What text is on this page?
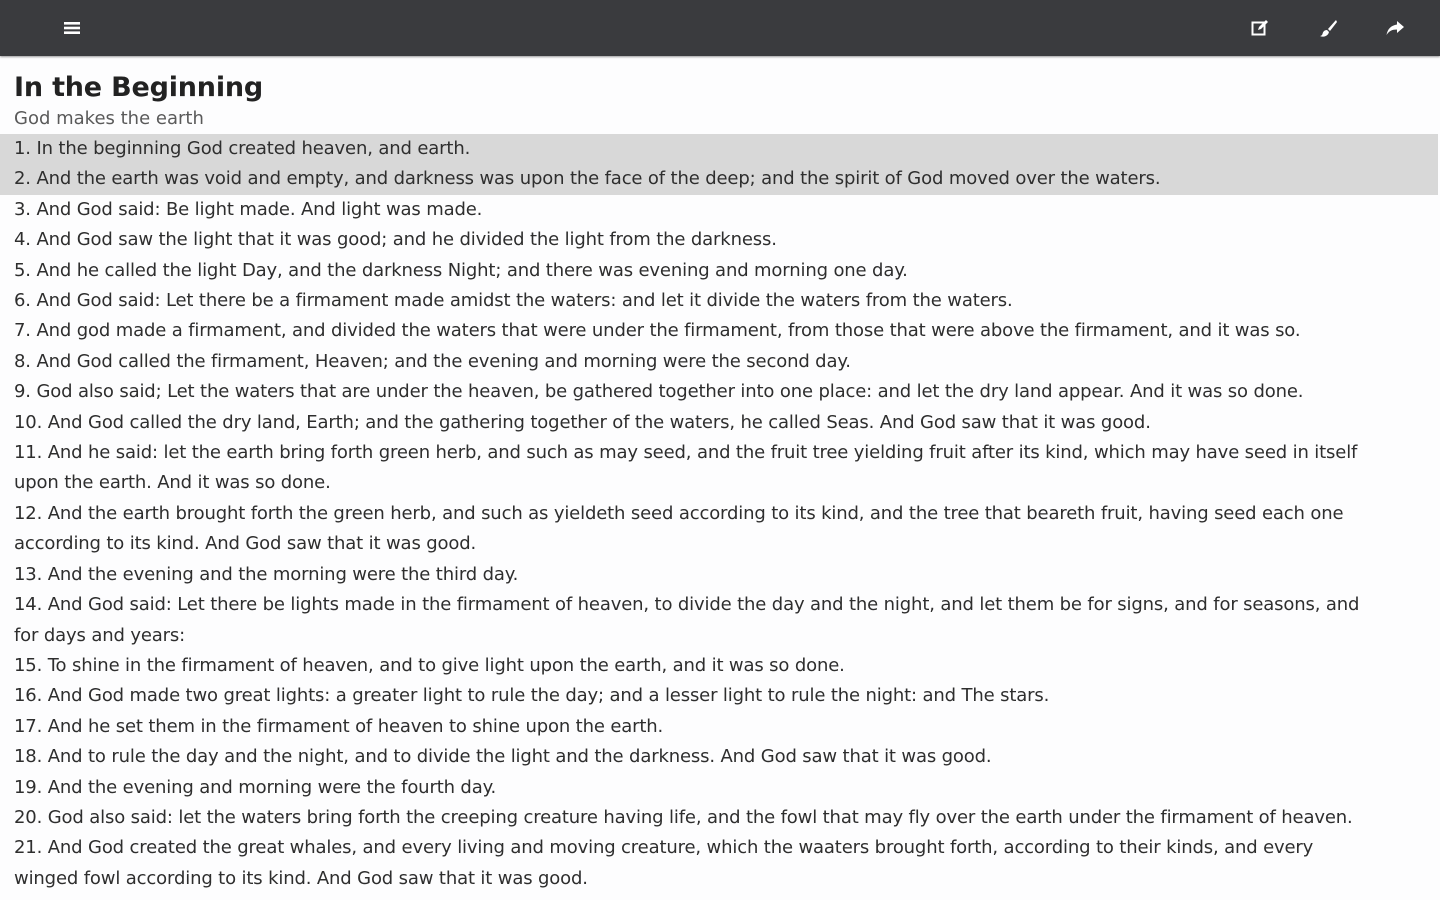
In the Beginning

God makes the earth

1. In the beginning God created heaven, and earth.
2. And the earth was void and empty, and darkness was upon the face of the deep; and the spirit of God moved over the waters.
3. And God said: Be light made. And light was made.
4. And God saw the light that it was good; and he divided the light from the darkness.
5. And he called the light Day, and the darkness Night; and there was evening and morning one day.
6. And God said: Let there be a firmament made amidst the waters: and let it divide the waters from the waters.
7. And god made a firmament, and divided the waters that were under the firmament, from those that were above the firmament, and it was so.
8. And God called the firmament, Heaven; and the evening and morning were the second day.
9. God also said; Let the waters that are under the heaven, be gathered together into one place: and let the dry land appear. And it was so done.
10. And God called the dry land, Earth; and the gathering together of the waters, he called Seas. And God saw that it was good.
11. And he said: let the earth bring forth green herb, and such as may seed, and the fruit tree yielding fruit after its kind, which may have seed in itself upon the earth. And it was so done.
12. And the earth brought forth the green herb, and such as yieldeth seed according to its kind, and the tree that beareth fruit, having seed each one according to its kind. And God saw that it was good.
13. And the evening and the morning were the third day.
14. And God said: Let there be lights made in the firmament of heaven, to divide the day and the night, and let them be for signs, and for seasons, and for days and years:
15. To shine in the firmament of heaven, and to give light upon the earth, and it was so done.
16. And God made two great lights: a greater light to rule the day; and a lesser light to rule the night: and The stars.
17. And he set them in the firmament of heaven to shine upon the earth.
18. And to rule the day and the night, and to divide the light and the darkness. And God saw that it was good.
19. And the evening and morning were the fourth day.
20. God also said: let the waters bring forth the creeping creature having life, and the fowl that may fly over the earth under the firmament of heaven.
21. And God created the great whales, and every living and moving creature, which the waaters brought forth, according to their kinds, and every winged fowl according to its kind. And God saw that it was good.
